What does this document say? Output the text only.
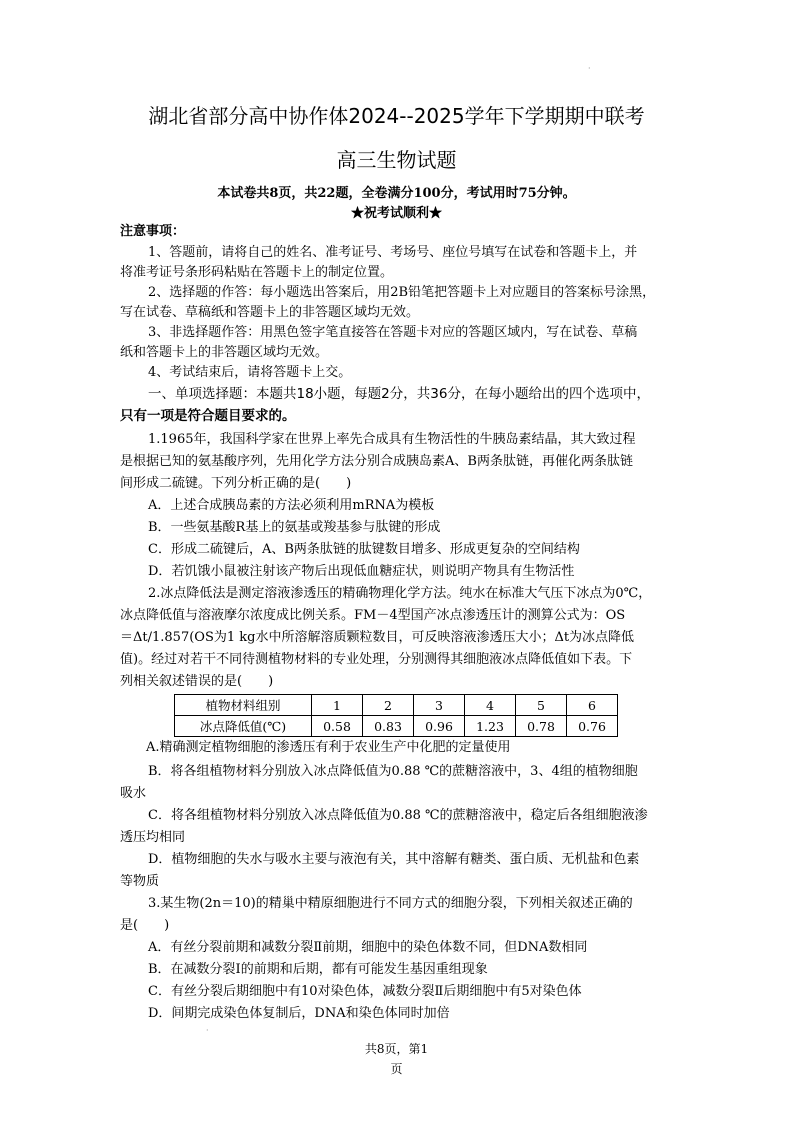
·
湖北省部分高中协作体2024--2025学年下学期期中联考
高三生物试题
本试卷共8页，共22题，全卷满分100分，考试用时75分钟。
★祝考试顺利★
注意事项：
1、答题前，请将自己的姓名、准考证号、考场号、座位号填写在试卷和答题卡上，并
将准考证号条形码粘贴在答题卡上的制定位置。
2、选择题的作答：每小题选出答案后，用2B铅笔把答题卡上对应题目的答案标号涂黑，
写在试卷、草稿纸和答题卡上的非答题区域均无效。
3、非选择题作答：用黑色签字笔直接答在答题卡对应的答题区域内，写在试卷、草稿
纸和答题卡上的非答题区域均无效。
4、考试结束后，请将答题卡上交。
一、单项选择题：本题共18小题，每题2分，共36分，在每小题给出的四个选项中，
只有一项是符合题目要求的。
1.1965年，我国科学家在世界上率先合成具有生物活性的牛胰岛素结晶，其大致过程
是根据已知的氨基酸序列，先用化学方法分别合成胰岛素A、B两条肽链，再催化两条肽链
间形成二硫键。下列分析正确的是(　　)
A．上述合成胰岛素的方法必须利用mRNA为模板
B．一些氨基酸R基上的氨基或羧基参与肽键的形成
C．形成二硫键后，A、B两条肽链的肽键数目增多、形成更复杂的空间结构
D．若饥饿小鼠被注射该产物后出现低血糖症状，则说明产物具有生物活性
2.冰点降低法是测定溶液渗透压的精确物理化学方法。纯水在标准大气压下冰点为0℃，
冰点降低值与溶液摩尔浓度成比例关系。FM－4型国产冰点渗透压计的测算公式为：OS
＝Δt/1.857(OS为1 kg水中所溶解溶质颗粒数目，可反映溶液渗透压大小；Δt为冰点降低
值)。经过对若干不同待测植物材料的专业处理，分别测得其细胞液冰点降低值如下表。下
列相关叙述错误的是(　　)
植物材料组别	1	2	3	4	5	6
冰点降低值(℃)	0.58	0.83	0.96	1.23	0.78	0.76
A.精确测定植物细胞的渗透压有利于农业生产中化肥的定量使用
B．将各组植物材料分别放入冰点降低值为0.88 ℃的蔗糖溶液中，3、4组的植物细胞
吸水
C．将各组植物材料分别放入冰点降低值为0.88 ℃的蔗糖溶液中，稳定后各组细胞液渗
透压均相同
D．植物细胞的失水与吸水主要与液泡有关，其中溶解有糖类、蛋白质、无机盐和色素
等物质
3.某生物(2n＝10)的精巢中精原细胞进行不同方式的细胞分裂，下列相关叙述正确的
是(　　)
A．有丝分裂前期和减数分裂Ⅱ前期，细胞中的染色体数不同，但DNA数相同
B．在减数分裂Ⅰ的前期和后期，都有可能发生基因重组现象
C．有丝分裂后期细胞中有10对染色体，减数分裂Ⅱ后期细胞中有5对染色体
D．间期完成染色体复制后，DNA和染色体同时加倍
·
共8页，第1
页
